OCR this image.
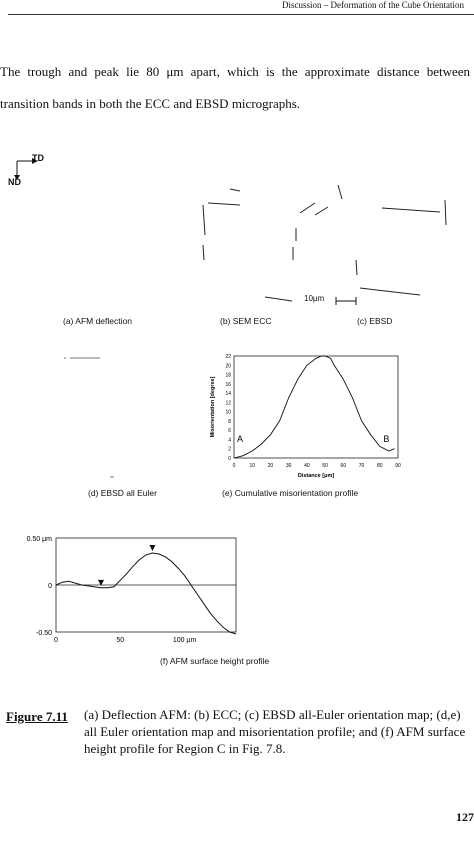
Discussion – Deformation of the Cube Orientation
The trough and peak lie 80 μm apart, which is the approximate distance between transition bands in both the ECC and EBSD micrographs.
TD
ND
10μm
(a) AFM deflection	(b) SEM ECC	(c) EBSD
0	10	20	30	40	50	60	70	80	90
0
2
4
6
8
10
12
14
16
18
20
22
Distance [μm]
Misorientation [degree]
A	B
(d) EBSD all Euler	(e) Cumulative misorientation profile
0.50 μm
0
-0.50
0	50	100 μm
(f) AFM surface height profile
Figure 7.11 (a) Deflection AFM: (b) ECC; (c) EBSD all-Euler orientation map; (d,e) all Euler orientation map and misorientation profile; and (f) AFM surface height profile for Region C in Fig. 7.8.
127
